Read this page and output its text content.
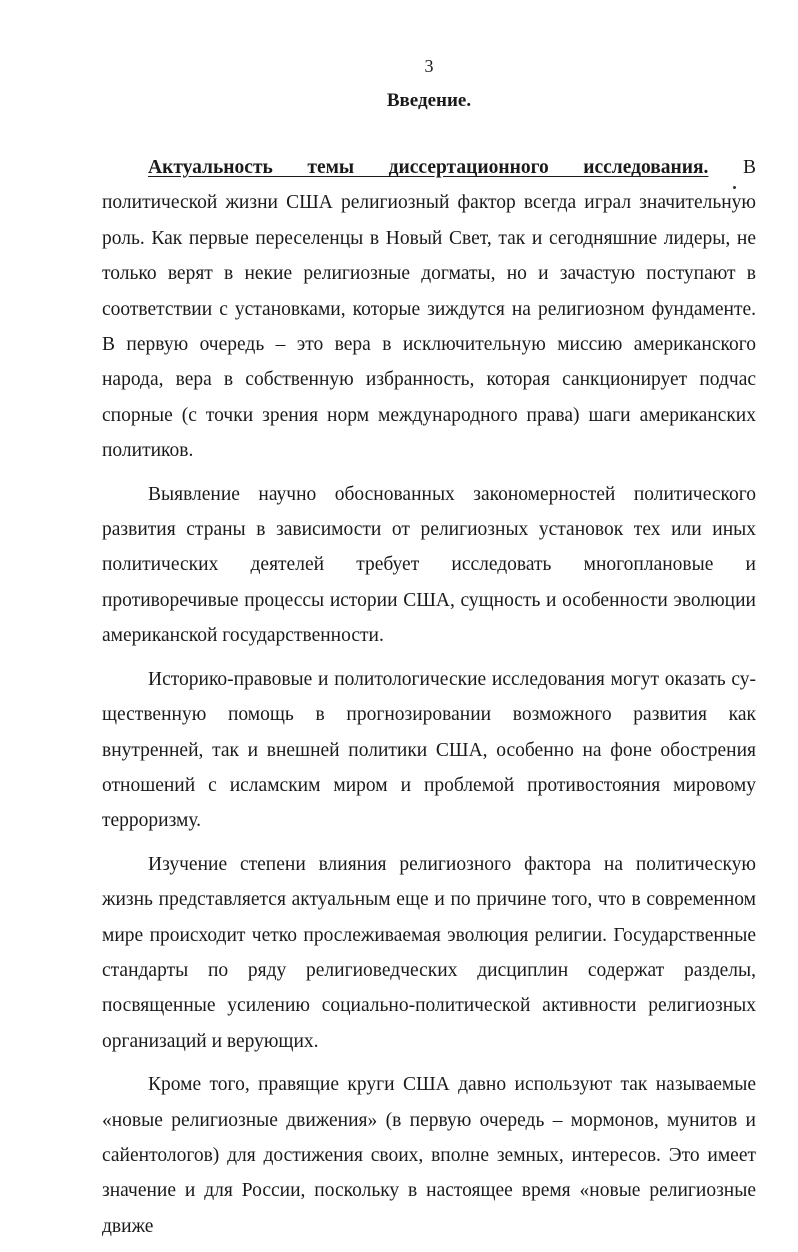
3

Введение.

Актуальность темы диссертационного исследования. В политической жизни США религиозный фактор всегда играл значительную роль. Как первые переселенцы в Новый Свет, так и сегодняшние лидеры, не только верят в некие религиозные догматы, но и зачастую поступают в соответствии с установками, которые зиждутся на религиозном фундаменте. В первую очередь – это вера в исключительную миссию американского народа, вера в собственную избранность, которая санкционирует подчас спорные (с точки зрения норм международного права) шаги американских политиков.

Выявление научно обоснованных закономерностей политического развития страны в зависимости от религиозных установок тех или иных политических деятелей требует исследовать многоплановые и противоречивые процессы истории США, сущность и особенности эволюции американской государственности.

Историко-правовые и политологические исследования могут оказать существенную помощь в прогнозировании возможного развития как внутренней, так и внешней политики США, особенно на фоне обострения отношений с исламским миром и проблемой противостояния мировому терроризму.

Изучение степени влияния религиозного фактора на политическую жизнь представляется актуальным еще и по причине того, что в современном мире происходит четко прослеживаемая эволюция религии. Государственные стандарты по ряду религиоведческих дисциплин содержат разделы, посвященные усилению социально-политической активности религиозных организаций и верующих.

Кроме того, правящие круги США давно используют так называемые «новые религиозные движения» (в первую очередь – мормонов, мунитов и сайентологов) для достижения своих, вполне земных, интересов. Это имеет значение и для России, поскольку в настоящее время «новые религиозные движе
